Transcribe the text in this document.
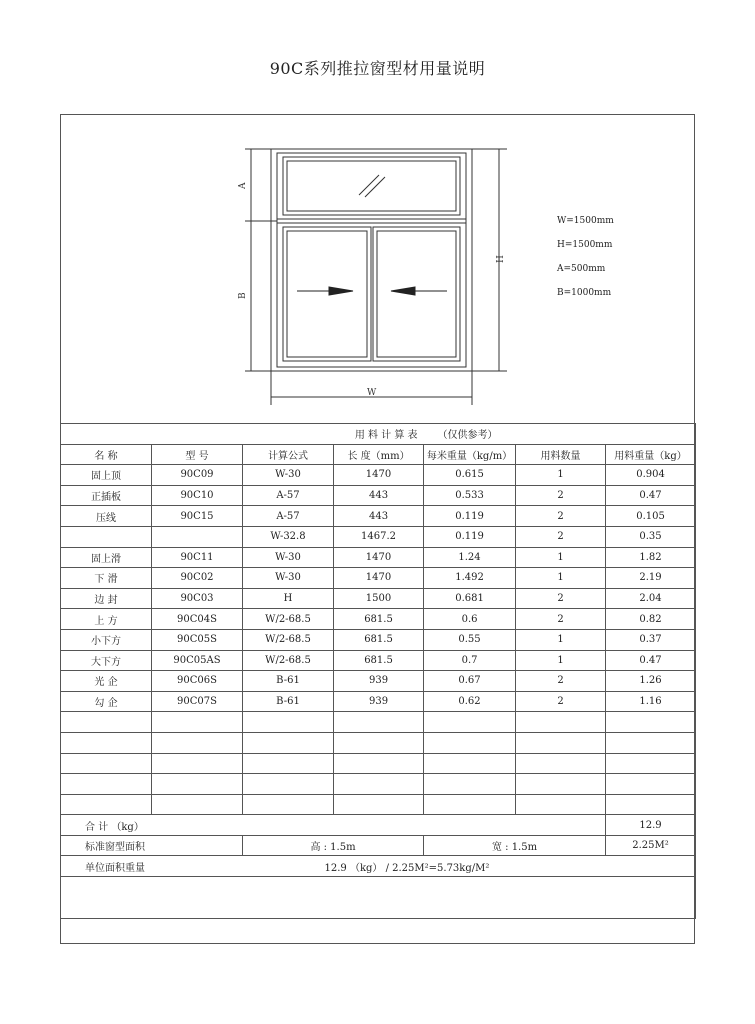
90C系列推拉窗型材用量说明
A
B
H
W
W=1500mm
H=1500mm
A=500mm
B=1000mm
用 料 计 算 表				（仅供参考）		
名 称	型 号	计算公式	长 度（mm）	每米重量（kg/m）	用料数量	用料重量（kg）
固上顶	90C09	W-30	1470	0.615	1	0.904
正插板	90C10	A-57	443	0.533	2	0.47
压线	90C15	A-57	443	0.119	2	0.105
		W-32.8	1467.2	0.119	2	0.35
固上滑	90C11	W-30	1470	1.24	1	1.82
下 滑	90C02	W-30	1470	1.492	1	2.19
边 封	90C03	H	1500	0.681	2	2.04
上 方	90C04S	W/2-68.5	681.5	0.6	2	0.82
小下方	90C05S	W/2-68.5	681.5	0.55	1	0.37
大下方	90C05AS	W/2-68.5	681.5	0.7	1	0.47
光 企	90C06S	B-61	939	0.67	2	1.26
勾 企	90C07S	B-61	939	0.62	2	1.16

合 计 （kg）						12.9
标准窗型面积		高 : 1.5m		宽 : 1.5m		2.25M²
单位面积重量		12.9 （kg） / 2.25M²=5.73kg/M²				
